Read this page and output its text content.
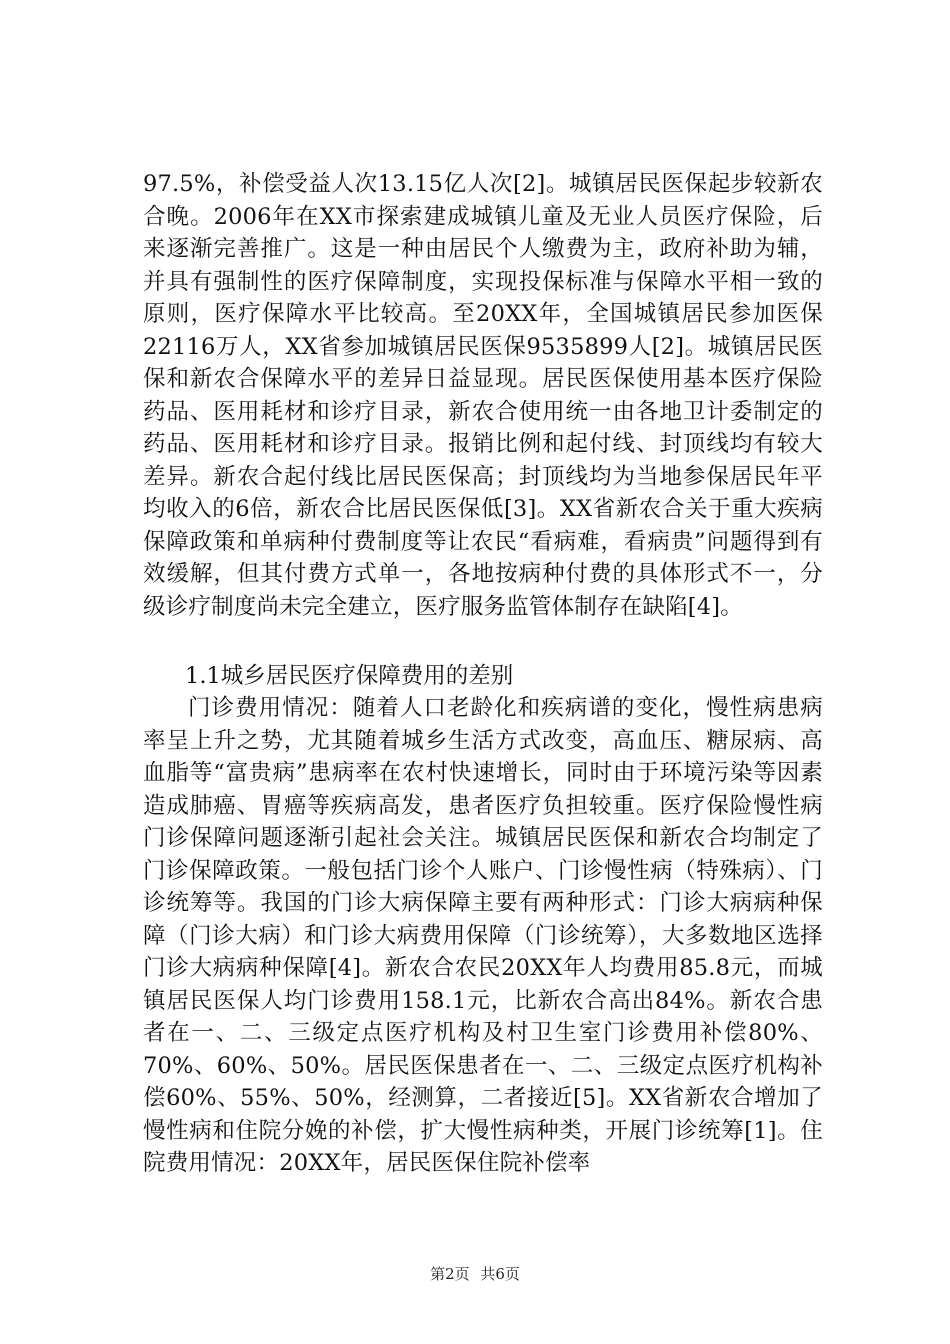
97.5%，补偿受益人次13.15亿人次[2]。城镇居民医保起步较新农合晚。2006年在XX市探索建成城镇儿童及无业人员医疗保险，后来逐渐完善推广。这是一种由居民个人缴费为主，政府补助为辅，并具有强制性的医疗保障制度，实现投保标准与保障水平相一致的原则，医疗保障水平比较高。至20XX年，全国城镇居民参加医保22116万人，XX省参加城镇居民医保9535899人[2]。城镇居民医保和新农合保障水平的差异日益显现。居民医保使用基本医疗保险药品、医用耗材和诊疗目录，新农合使用统一由各地卫计委制定的药品、医用耗材和诊疗目录。报销比例和起付线、封顶线均有较大差异。新农合起付线比居民医保高；封顶线均为当地参保居民年平均收入的6倍，新农合比居民医保低[3]。XX省新农合关于重大疾病保障政策和单病种付费制度等让农民“看病难，看病贵”问题得到有效缓解，但其付费方式单一，各地按病种付费的具体形式不一，分级诊疗制度尚未完全建立，医疗服务监管体制存在缺陷[4]。

1.1城乡居民医疗保障费用的差别

门诊费用情况：随着人口老龄化和疾病谱的变化，慢性病患病率呈上升之势，尤其随着城乡生活方式改变，高血压、糖尿病、高血脂等“富贵病”患病率在农村快速增长，同时由于环境污染等因素造成肺癌、胃癌等疾病高发，患者医疗负担较重。医疗保险慢性病门诊保障问题逐渐引起社会关注。城镇居民医保和新农合均制定了门诊保障政策。一般包括门诊个人账户、门诊慢性病（特殊病）、门诊统筹等。我国的门诊大病保障主要有两种形式：门诊大病病种保障（门诊大病）和门诊大病费用保障（门诊统筹），大多数地区选择门诊大病病种保障[4]。新农合农民20XX年人均费用85.8元，而城镇居民医保人均门诊费用158.1元，比新农合高出84%。新农合患者在一、二、三级定点医疗机构及村卫生室门诊费用补偿80%、70%、60%、50%。居民医保患者在一、二、三级定点医疗机构补偿60%、55%、50%，经测算，二者接近[5]。XX省新农合增加了慢性病和住院分娩的补偿，扩大慢性病种类，开展门诊统筹[1]。住院费用情况：20XX年，居民医保住院补偿率

第2页 共6页
